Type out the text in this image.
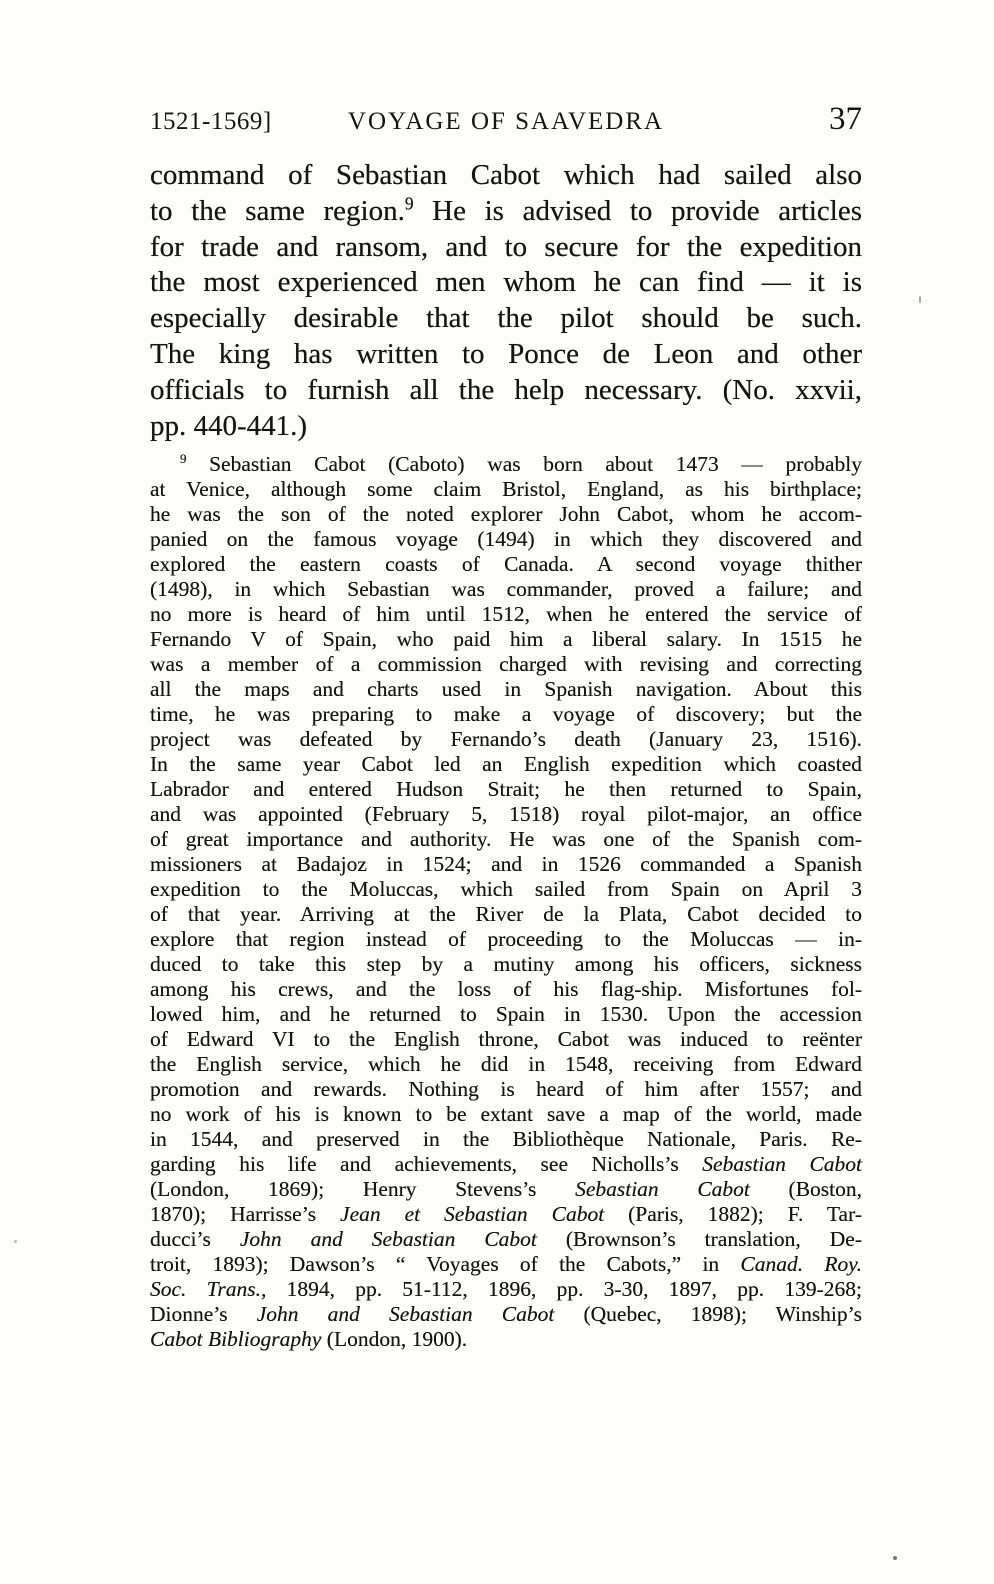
1521-1569]	VOYAGE OF SAAVEDRA	37
command of Sebastian Cabot which had sailed also
to the same region.$^9$ He is advised to provide articles
for trade and ransom, and to secure for the expedition
the most experienced men whom he can find — it is
especially desirable that the pilot should be such.
The king has written to Ponce de Leon and other
officials to furnish all the help necessary. (No. xxvii,
pp. 440-441.)
$^9$ Sebastian Cabot (Caboto) was born about 1473 — probably
at Venice, although some claim Bristol, England, as his birthplace;
he was the son of the noted explorer John Cabot, whom he accom-
panied on the famous voyage (1494) in which they discovered and
explored the eastern coasts of Canada. A second voyage thither
(1498), in which Sebastian was commander, proved a failure; and
no more is heard of him until 1512, when he entered the service of
Fernando V of Spain, who paid him a liberal salary. In 1515 he
was a member of a commission charged with revising and correcting
all the maps and charts used in Spanish navigation. About this
time, he was preparing to make a voyage of discovery; but the
project was defeated by Fernando’s death (January 23, 1516).
In the same year Cabot led an English expedition which coasted
Labrador and entered Hudson Strait; he then returned to Spain,
and was appointed (February 5, 1518) royal pilot-major, an office
of great importance and authority. He was one of the Spanish com-
missioners at Badajoz in 1524; and in 1526 commanded a Spanish
expedition to the Moluccas, which sailed from Spain on April 3
of that year. Arriving at the River de la Plata, Cabot decided to
explore that region instead of proceeding to the Moluccas — in-
duced to take this step by a mutiny among his officers, sickness
among his crews, and the loss of his flag-ship. Misfortunes fol-
lowed him, and he returned to Spain in 1530. Upon the accession
of Edward VI to the English throne, Cabot was induced to reënter
the English service, which he did in 1548, receiving from Edward
promotion and rewards. Nothing is heard of him after 1557; and
no work of his is known to be extant save a map of the world, made
in 1544, and preserved in the Bibliothèque Nationale, Paris. Re-
garding his life and achievements, see Nicholls’s Sebastian Cabot
(London, 1869); Henry Stevens’s Sebastian Cabot (Boston,
1870); Harrisse’s Jean et Sebastian Cabot (Paris, 1882); F. Tar-
ducci’s John and Sebastian Cabot (Brownson’s translation, De-
troit, 1893); Dawson’s “ Voyages of the Cabots,” in Canad. Roy.
Soc. Trans., 1894, pp. 51-112, 1896, pp. 3-30, 1897, pp. 139-268;
Dionne’s John and Sebastian Cabot (Quebec, 1898); Winship’s
Cabot Bibliography (London, 1900).
